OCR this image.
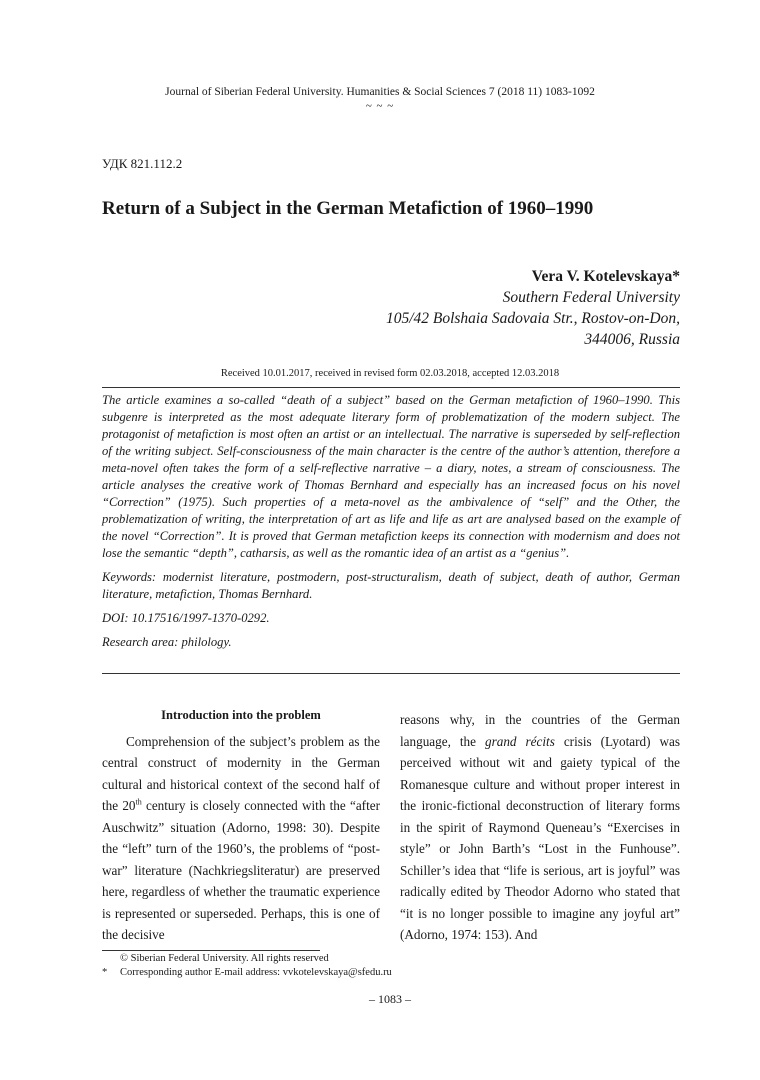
Journal of Siberian Federal University. Humanities & Social Sciences 7 (2018 11) 1083-1092
~ ~ ~
УДК 821.112.2
Return of a Subject in the German Metafiction of 1960–1990
Vera V. Kotelevskaya*
Southern Federal University
105/42 Bolshaia Sadovaia Str., Rostov-on-Don,
344006, Russia
Received 10.01.2017, received in revised form 02.03.2018, accepted 12.03.2018

The article examines a so-called “death of a subject” based on the German metafiction of 1960–1990. This subgenre is interpreted as the most adequate literary form of problematization of the modern subject. The protagonist of metafiction is most often an artist or an intellectual. The narrative is superseded by self-reflection of the writing subject. Self-consciousness of the main character is the centre of the author’s attention, therefore a meta-novel often takes the form of a self-reflective narrative – a diary, notes, a stream of consciousness. The article analyses the creative work of Thomas Bernhard and especially has an increased focus on his novel “Correction” (1975). Such properties of a meta-novel as the ambivalence of “self” and the Other, the problematization of writing, the interpretation of art as life and life as art are analysed based on the example of the novel “Correction”. It is proved that German metafiction keeps its connection with modernism and does not lose the semantic “depth”, catharsis, as well as the romantic idea of an artist as a “genius”.

Keywords: modernist literature, postmodern, post-structuralism, death of subject, death of author, German literature, metafiction, Thomas Bernhard.

DOI: 10.17516/1997-1370-0292.

Research area: philology.

Introduction into the problem

Comprehension of the subject’s problem as the central construct of modernity in the German cultural and historical context of the second half of the 20th century is closely connected with the “after Auschwitz” situation (Adorno, 1998: 30). Despite the “left” turn of the 1960’s, the problems of “post-war” literature (Nachkriegsliteratur) are preserved here, regardless of whether the traumatic experience is represented or superseded. Perhaps, this is one of the decisive

reasons why, in the countries of the German language, the grand récits crisis (Lyotard) was perceived without wit and gaiety typical of the Romanesque culture and without proper interest in the ironic-fictional deconstruction of literary forms in the spirit of Raymond Queneau’s “Exercises in style” or John Barth’s “Lost in the Funhouse”. Schiller’s idea that “life is serious, art is joyful” was radically edited by Theodor Adorno who stated that “it is no longer possible to imagine any joyful art” (Adorno, 1974: 153). And

© Siberian Federal University. All rights reserved
* Corresponding author E-mail address: vvkotelevskaya@sfedu.ru
– 1083 –
